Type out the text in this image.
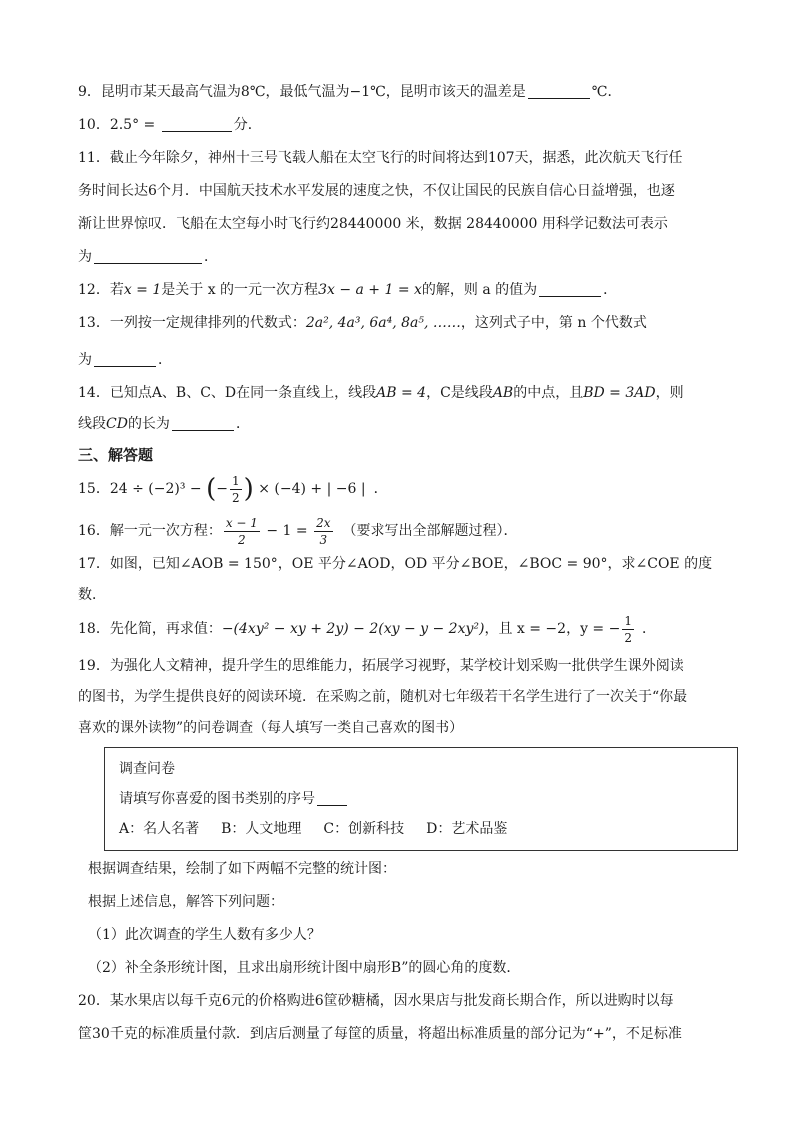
9．昆明市某天最高气温为8℃，最低气温为−1℃，昆明市该天的温差是	℃．
10．2.5° =	分．
11．截止今年除夕，神州十三号飞载人船在太空飞行的时间将达到107天，据悉，此次航天飞行任
务时间长达6个月．中国航天技术水平发展的速度之快，不仅让国民的民族自信心日益增强，也逐
渐让世界惊叹．飞船在太空每小时飞行约28440000 米，数据 28440000 用科学记数法可表示
为	．
12．若x = 1是关于 x 的一元一次方程3x − a + 1 = x的解，则 a 的值为	．
13．一列按一定规律排列的代数式：2a², 4a³, 6a⁴, 8a⁵, ……，这列式子中，第 n 个代数式
为	．
14．已知点A、B、C、D在同一条直线上，线段AB = 4，C是线段AB的中点，且BD = 3AD，则
线段CD的长为	．
三、解答题
15．24 ÷ (−2)³ − (− $\frac{1}{2}$ ) × (−4) + | −6 | ．
16．解一元一次方程： $\frac{x - 1}{2} - 1 = \frac{2x}{3}$ （要求写出全部解题过程）．
17．如图，已知∠AOB = 150°，OE 平分∠AOD，OD 平分∠BOE，∠BOC = 90°，求∠COE 的度
数．
18．先化简，再求值：−(4xy² − xy + 2y) − 2(xy − y − 2xy²)，且 x = −2，y = − $\frac{1}{2}$ ．
19．为强化人文精神，提升学生的思维能力，拓展学习视野，某学校计划采购一批供学生课外阅读
的图书，为学生提供良好的阅读环境．在采购之前，随机对七年级若干名学生进行了一次关于“你最
喜欢的课外读物”的问卷调查（每人填写一类自己喜欢的图书）
调查问卷
请填写你喜爱的图书类别的序号
A：名人名著 B：人文地理 C：创新科技 D：艺术品鉴
根据调查结果，绘制了如下两幅不完整的统计图：
根据上述信息，解答下列问题：
（1）此次调查的学生人数有多少人？
（2）补全条形统计图，且求出扇形统计图中扇形B”的圆心角的度数．
20．某水果店以每千克6元的价格购进6筐砂糖橘，因水果店与批发商长期合作，所以进购时以每
筐30千克的标准质量付款．到店后测量了每筐的质量，将超出标准质量的部分记为“+”，不足标准
